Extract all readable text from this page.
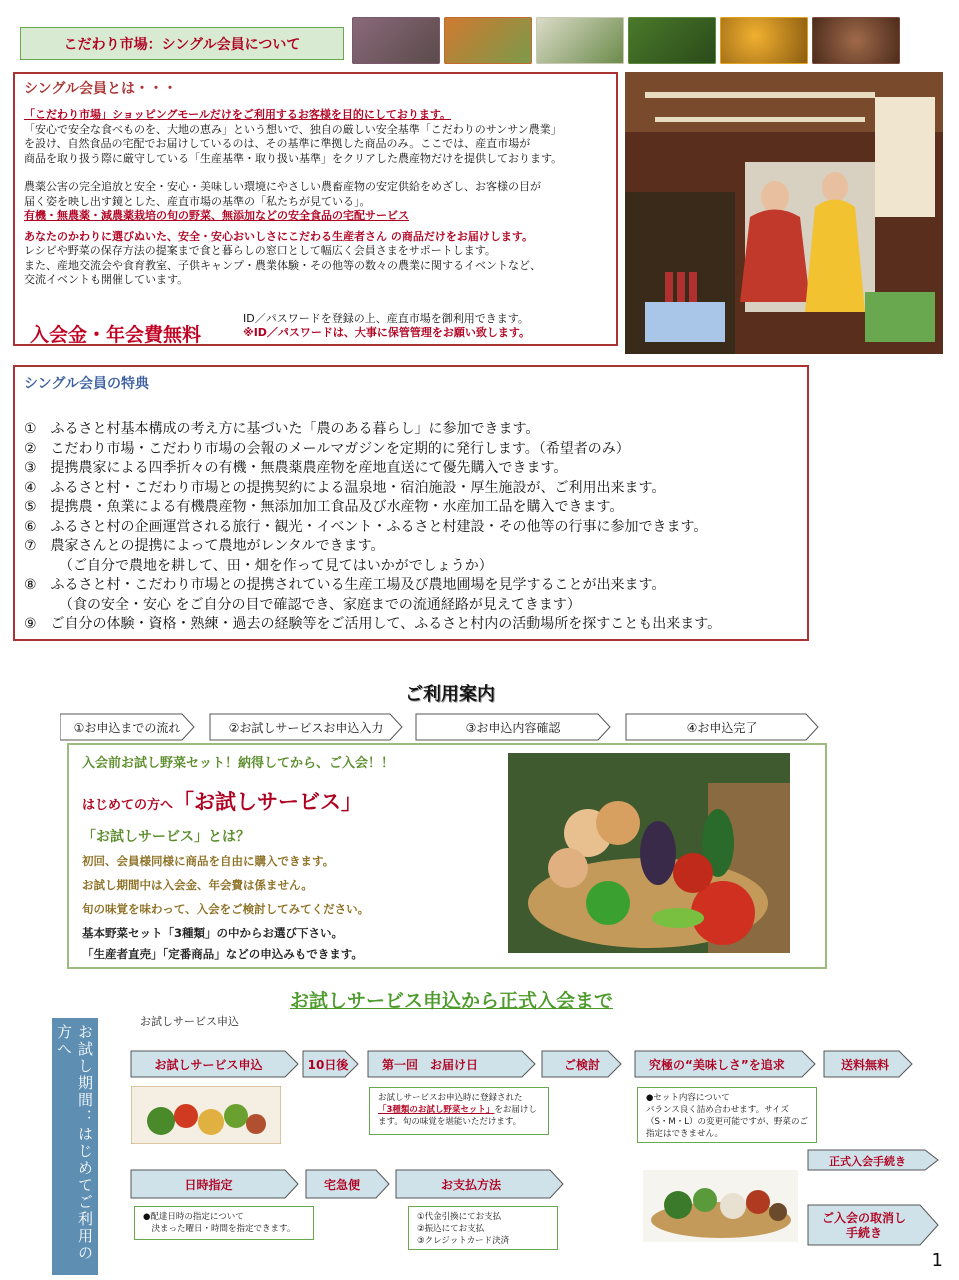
こだわり市場：シングル会員について
シングル会員とは・・・
「こだわり市場」ショッピングモールだけをご利用するお客様を目的にしております。
「安心で安全な食べものを、大地の恵み」という想いで、独自の厳しい安全基準「こだわりのサンサン農業」
を設け、自然食品の宅配でお届けしているのは、その基準に準拠した商品のみ。ここでは、産直市場が
商品を取り扱う際に厳守している「生産基準・取り扱い基準」をクリアした農産物だけを提供しております。
農薬公害の完全追放と安全・安心・美味しい環境にやさしい農畜産物の安定供給をめざし、お客様の目が
届く姿を映し出す鏡とした、産直市場の基準の「私たちが見ている」。
有機・無農薬・減農薬栽培の旬の野菜、無添加などの安全食品の宅配サービス
あなたのかわりに選びぬいた、安全・安心おいしさにこだわる生産者さん の商品だけをお届けします。
レシピや野菜の保存方法の提案まで食と暮らしの窓口として幅広く会員さまをサポートします。
また、産地交流会や食育教室、子供キャンプ・農業体験・その他等の数々の農業に関するイベントなど、
交流イベントも開催しています。
入会金・年会費無料
ID／パスワードを登録の上、産直市場を御利用できます。
※ID／パスワードは、大事に保管管理をお願い致します。
シングル会員の特典
①　ふるさと村基本構成の考え方に基づいた「農のある暮らし」に参加できます。
②　こだわり市場・こだわり市場の会報のメールマガジンを定期的に発行します。（希望者のみ）
③　提携農家による四季折々の有機・無農薬農産物を産地直送にて優先購入できます。
④　ふるさと村・こだわり市場との提携契約による温泉地・宿泊施設・厚生施設が、ご利用出来ます。
⑤　提携農・魚業による有機農産物・無添加加工食品及び水産物・水産加工品を購入できます。
⑥　ふるさと村の企画運営される旅行・観光・イベント・ふるさと村建設・その他等の行事に参加できます。
⑦　農家さんとの提携によって農地がレンタルできます。
　　　（ご自分で農地を耕して、田・畑を作って見てはいかがでしょうか）
⑧　ふるさと村・こだわり市場との提携されている生産工場及び農地圃場を見学することが出来ます。
　　　（食の安全・安心 をご自分の目で確認でき、家庭までの流通経路が見えてきます）
⑨　ご自分の体験・資格・熟練・過去の経験等をご活用して、ふるさと村内の活動場所を探すことも出来ます。
ご利用案内
①お申込までの流れ	②お試しサービスお申込入力	③お申込内容確認	④お申込完了
入会前お試し野菜セット！納得してから、ご入会！！
はじめての方へ「お試しサービス」
「お試しサービス」とは？
初回、会員様同様に商品を自由に購入できます。
お試し期間中は入会金、年会費は係ません。
旬の味覚を味わって、入会をご検討してみてください。
基本野菜セット「3種類」の中からお選び下さい。
「生産者直売」「定番商品」などの申込みもできます。
お試しサービス申込から正式入会まで
お試しサービス申込
お試し期間：はじめてご利用の方へ
お試しサービス申込	10日後	第一回　お届け日	ご検討	究極の“美味しさ”を追求	送料無料
お試しサービスお申込時に登録された
「3種類のお試し野菜セット」をお届けし
ます。旬の味覚を堪能いただけます。
●セット内容について
バランス良く詰め合わせます。サイズ
（S・M・L）の変更可能ですが、野菜のご
指定はできません。
正式入会手続き
日時指定	宅急便	お支払方法
●配達日時の指定について
　決まった曜日・時間を指定できます。
①代金引換にてお支払
②振込にてお支払
③クレジットカード決済
ご入会の取消し
手続き
1
